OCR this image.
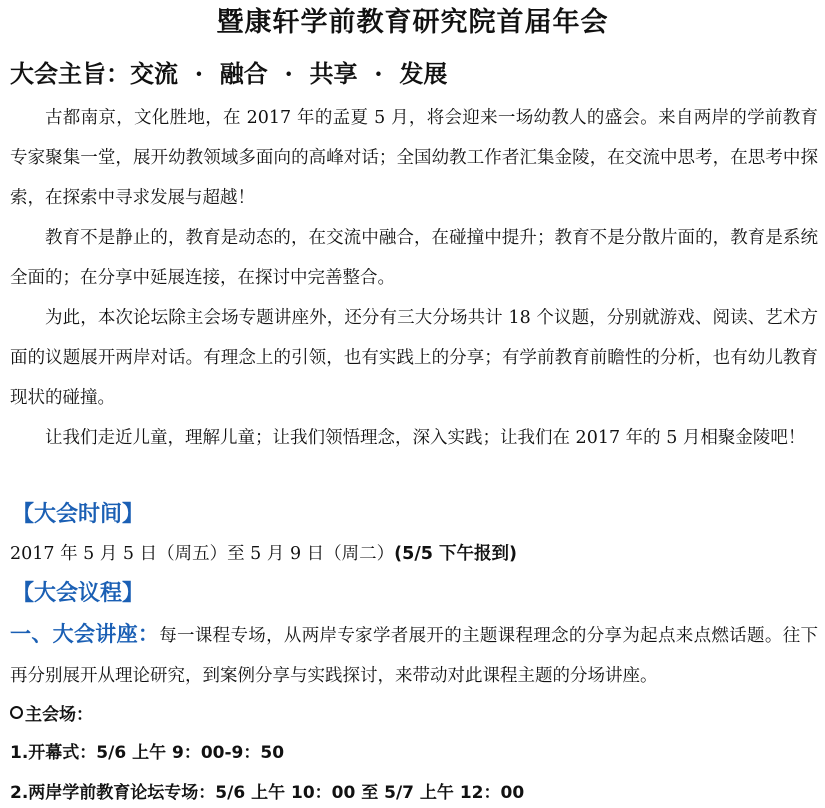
暨康轩学前教育研究院首届年会
大会主旨：交流  ·  融合  ·  共享  ·  发展

古都南京，文化胜地，在 2017 年的孟夏 5 月，将会迎来一场幼教人的盛会。来自两岸的学前教育专家聚集一堂，展开幼教领域多面向的高峰对话；全国幼教工作者汇集金陵，在交流中思考，在思考中探索，在探索中寻求发展与超越！

教育不是静止的，教育是动态的，在交流中融合，在碰撞中提升；教育不是分散片面的，教育是系统全面的；在分享中延展连接，在探讨中完善整合。

为此，本次论坛除主会场专题讲座外，还分有三大分场共计 18 个议题，分别就游戏、阅读、艺术方面的议题展开两岸对话。有理念上的引领，也有实践上的分享；有学前教育前瞻性的分析，也有幼儿教育现状的碰撞。

让我们走近儿童，理解儿童；让我们领悟理念，深入实践；让我们在 2017 年的 5 月相聚金陵吧！

【大会时间】
2017 年 5 月 5 日（周五）至 5 月 9 日（周二）(5/5 下午报到)
【大会议程】
一、大会讲座：每一课程专场，从两岸专家学者展开的主题课程理念的分享为起点来点燃话题。往下再分别展开从理论研究，到案例分享与实践探讨，来带动对此课程主题的分场讲座。
主会场：
1.开幕式：5/6 上午 9：00-9：50
2.两岸学前教育论坛专场：5/6 上午 10：00 至 5/7 上午 12：00
